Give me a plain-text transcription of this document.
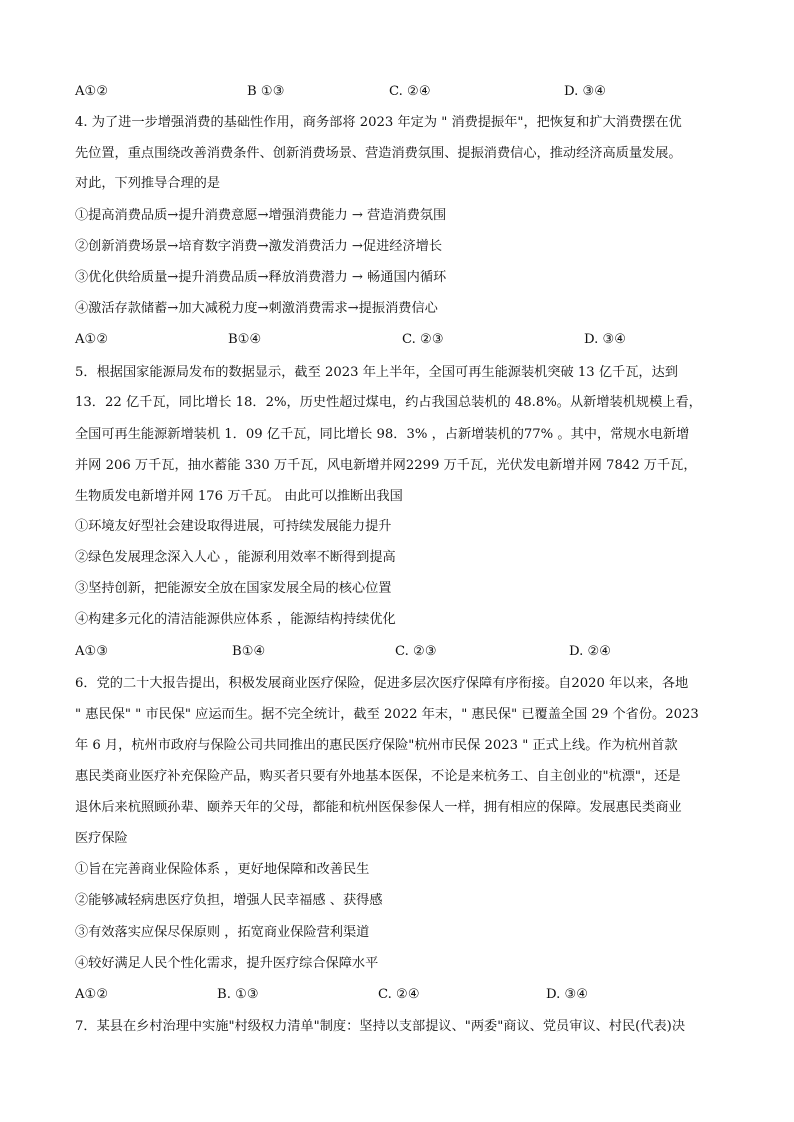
A①②	B ①③	C. ②④	D. ③④
4. 为了进一步增强消费的基础性作用，商务部将 2023 年定为 " 消费提振年"，把恢复和扩大消费摆在优
先位置，重点围绕改善消费条件、创新消费场景、营造消费氛围、提振消费信心，推动经济高质量发展。
对此，下列推导合理的是
①提高消费品质→提升消费意愿→增强消费能力 → 营造消费氛围
②创新消费场景→培育数字消费→激发消费活力 →促进经济增长
③优化供给质量→提升消费品质→释放消费潜力 → 畅通国内循环
④激活存款储蓄→加大减税力度→刺激消费需求→提振消费信心
A①②	B①④	C. ②③	D. ③④
5．根据国家能源局发布的数据显示，截至 2023 年上半年，全国可再生能源装机突破 13 亿千瓦，达到
13．22 亿千瓦，同比增长 18．2%，历史性超过煤电，约占我国总装机的 48.8%。从新增装机规模上看，
全国可再生能源新增装机 1．09 亿千瓦，同比增长 98．3% ，占新增装机的77% 。其中，常规水电新增
并网 206 万千瓦，抽水蓄能 330 万千瓦，风电新增并网2299 万千瓦，光伏发电新增并网 7842 万千瓦，
生物质发电新增并网 176 万千瓦。 由此可以推断出我国
①环境友好型社会建设取得进展，可持续发展能力提升
②绿色发展理念深入人心 ，能源利用效率不断得到提高
③坚持创新，把能源安全放在国家发展全局的核心位置
④构建多元化的清洁能源供应体系 ，能源结构持续优化
A①③	B①④	C. ②③	D. ②④
6．党的二十大报告提出，积极发展商业医疗保险，促进多层次医疗保障有序衔接。自2020 年以来，各地
" 惠民保" " 市民保" 应运而生。据不完全统计，截至 2022 年末，" 惠民保" 已覆盖全国 29 个省份。2023
年 6 月，杭州市政府与保险公司共同推出的惠民医疗保险"杭州市民保 2023 " 正式上线。作为杭州首款
惠民类商业医疗补充保险产品，购买者只要有外地基本医保，不论是来杭务工、自主创业的"杭漂"，还是
退休后来杭照顾孙辈、颐养天年的父母，都能和杭州医保参保人一样，拥有相应的保障。发展惠民类商业
医疗保险
①旨在完善商业保险体系 ，更好地保障和改善民生
②能够减轻病患医疗负担，增强人民幸福感 、获得感
③有效落实应保尽保原则 ，拓宽商业保险营利渠道
④较好满足人民个性化需求，提升医疗综合保障水平
A①②	B. ①③	C. ②④	D. ③④
7．某县在乡村治理中实施"村级权力清单"制度：坚持以支部提议、"两委"商议、党员审议、村民(代表)决
